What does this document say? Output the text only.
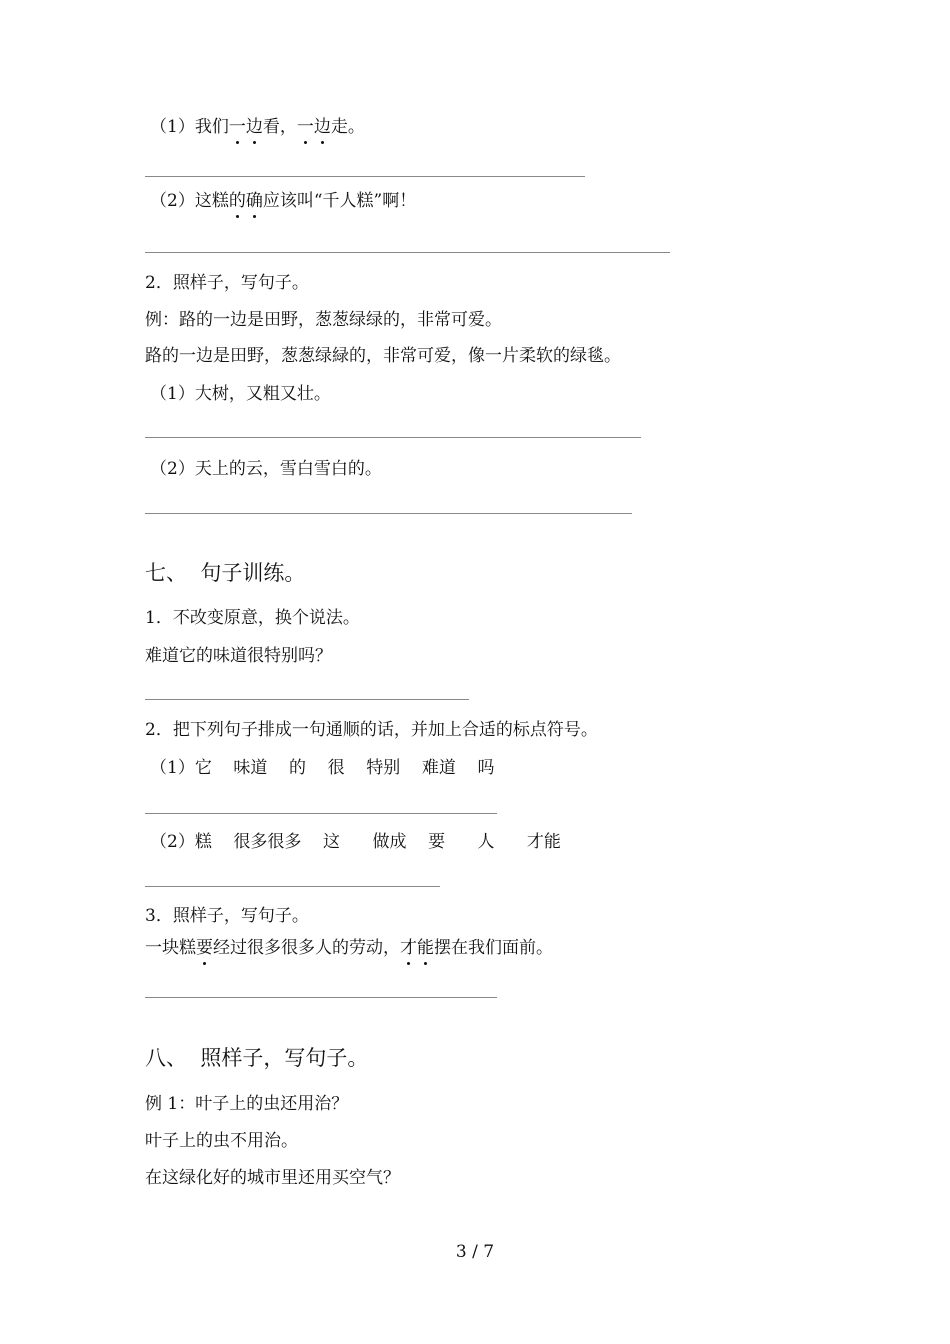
（1）我们一边看，一边走。

（2）这糕的确应该叫“千人糕”啊！

2．照样子，写句子。

例：路的一边是田野，葱葱绿绿的，非常可爱。

路的一边是田野，葱葱绿緑的，非常可爱，像一片柔软的绿毯。

（1）大树，又粗又壮。

（2）天上的云，雪白雪白的。

七、  句子训练。

1．不改变原意，换个说法。

难道它的味道很特别吗？

2．把下列句子排成一句通顺的话，并加上合适的标点符号。

（1）它    味道    的    很    特别    难道    吗

（2）糕    很多很多    这      做成    要      人      才能

3．照样子，写句子。

一块糕要经过很多很多人的劳动，才能摆在我们面前。

八、  照样子，写句子。

例 1：叶子上的虫还用治？

叶子上的虫不用治。

在这绿化好的城市里还用买空气？

3 / 7
